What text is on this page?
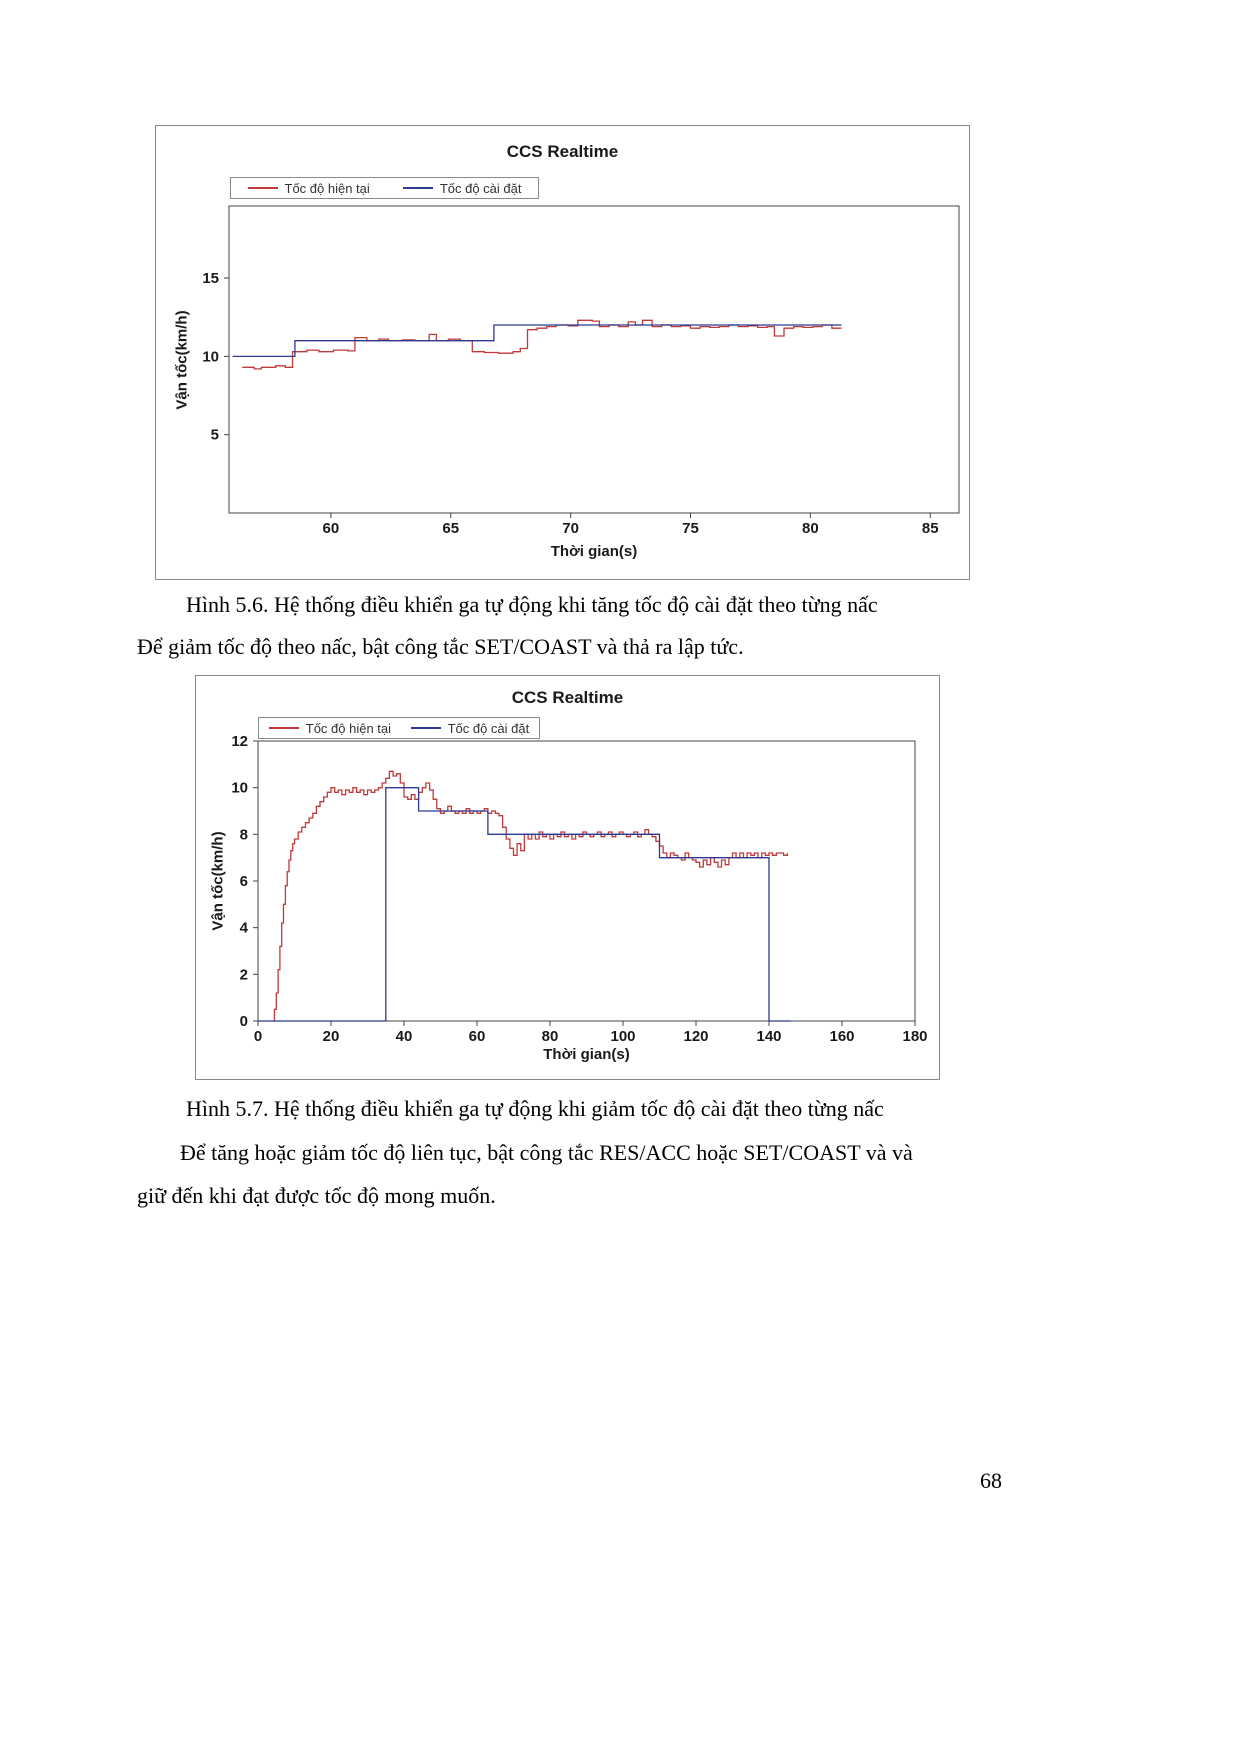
60	65	70	75	80	85
5
10
15
CCS Realtime
Tốc độ hiện tại	Tốc độ cài đặt
Vận tốc(km/h)
Thời gian(s)
Hình 5.6. Hệ thống điều khiển ga tự động khi tăng tốc độ cài đặt theo từng nấc
Để giảm tốc độ theo nấc, bật công tắc SET/COAST và thả ra lập tức.
0	20	40	60	80	100	120	140	160	180
0
2
4
6
8
10
12
CCS Realtime
Tốc độ hiện tại	Tốc độ cài đặt
Vận tốc(km/h)
Thời gian(s)
Hình 5.7. Hệ thống điều khiển ga tự động khi giảm tốc độ cài đặt theo từng nấc
Để tăng hoặc giảm tốc độ liên tục, bật công tắc RES/ACC hoặc SET/COAST và và
giữ đến khi đạt được tốc độ mong muốn.
68
